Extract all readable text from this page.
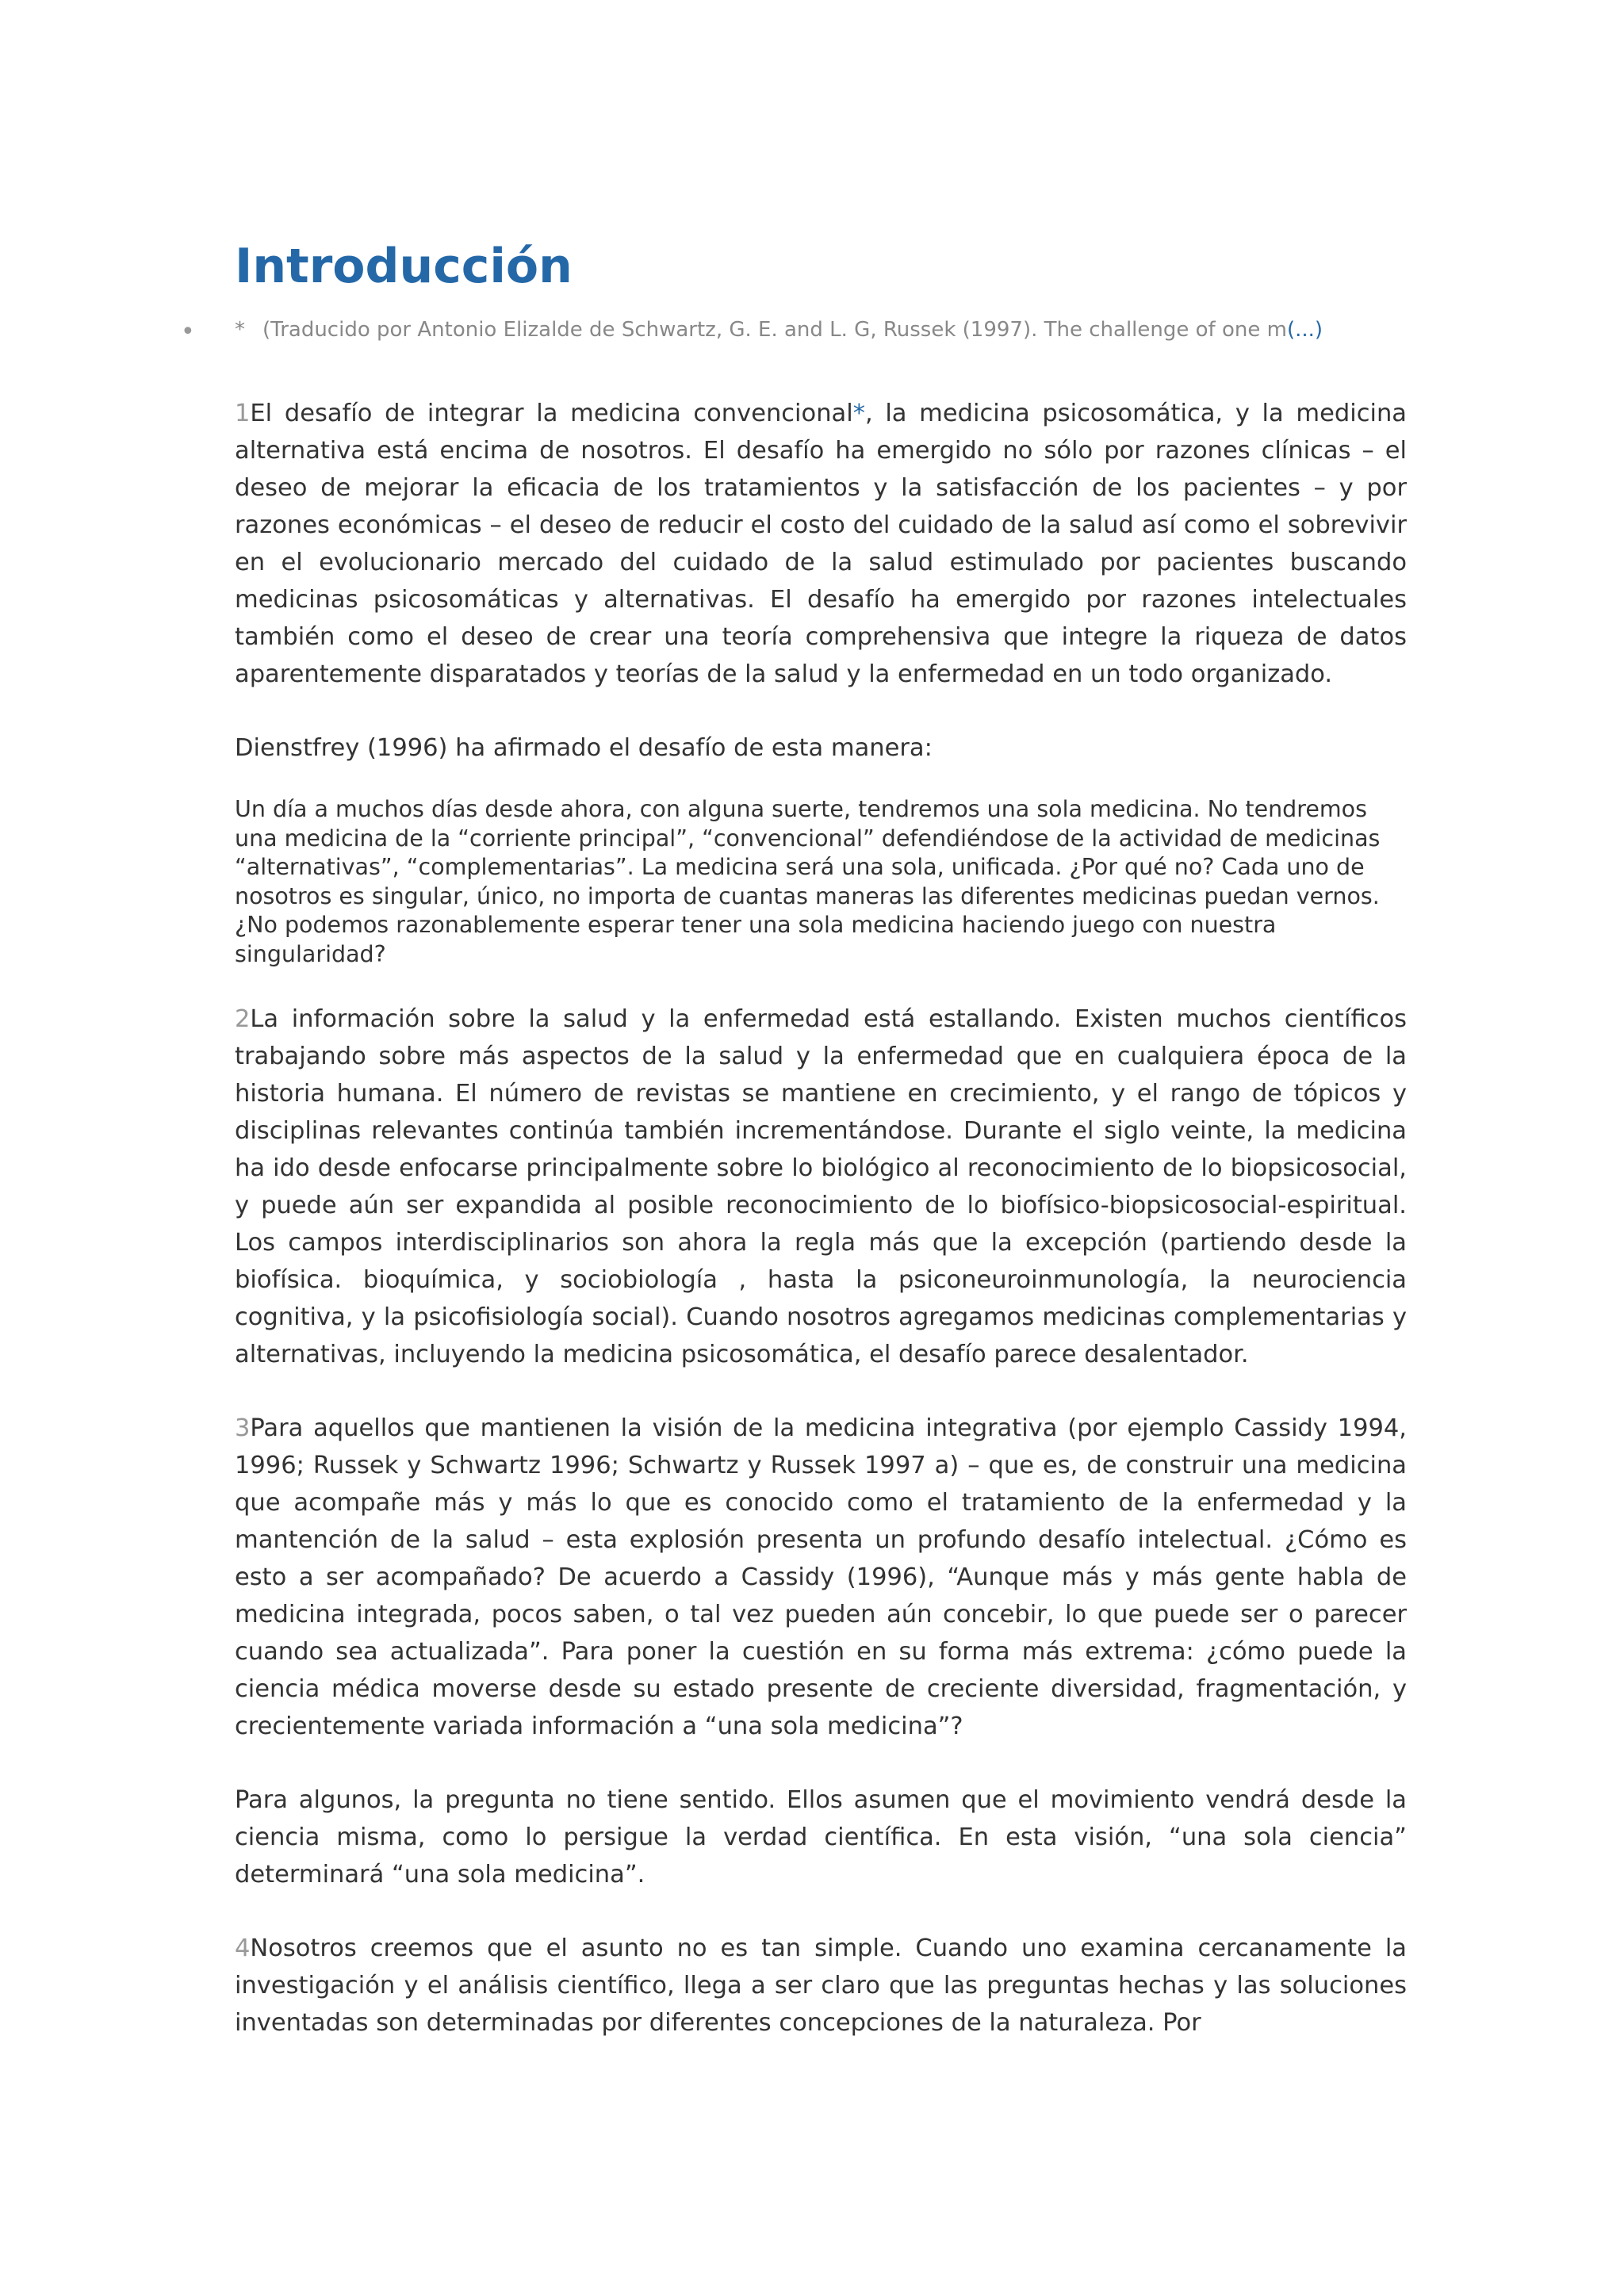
Introducción
• * (Traducido por Antonio Elizalde de Schwartz, G. E. and L. G, Russek (1997). The challenge of one m(...)

1El desafío de integrar la medicina convencional*, la medicina psicosomática, y la medicina alternativa está encima de nosotros. El desafío ha emergido no sólo por razones clínicas – el deseo de mejorar la eficacia de los tratamientos y la satisfacción de los pacientes – y por razones económicas – el deseo de reducir el costo del cuidado de la salud así como el sobrevivir en el evolucionario mercado del cuidado de la salud estimulado por pacientes buscando medicinas psicosomáticas y alternativas. El desafío ha emergido por razones intelectuales también como el deseo de crear una teoría comprehensiva que integre la riqueza de datos aparentemente disparatados y teorías de la salud y la enfermedad en un todo organizado.

Dienstfrey (1996) ha afirmado el desafío de esta manera:

Un día a muchos días desde ahora, con alguna suerte, tendremos una sola medicina. No tendremos una medicina de la “corriente principal”, “convencional” defendiéndose de la actividad de medicinas “alternativas”, “complementarias”. La medicina será una sola, unificada. ¿Por qué no? Cada uno de nosotros es singular, único, no importa de cuantas maneras las diferentes medicinas puedan vernos. ¿No podemos razonablemente esperar tener una sola medicina haciendo juego con nuestra singularidad?

2La información sobre la salud y la enfermedad está estallando. Existen muchos científicos trabajando sobre más aspectos de la salud y la enfermedad que en cualquiera época de la historia humana. El número de revistas se mantiene en crecimiento, y el rango de tópicos y disciplinas relevantes continúa también incrementándose. Durante el siglo veinte, la medicina ha ido desde enfocarse principalmente sobre lo biológico al reconocimiento de lo biopsicosocial, y puede aún ser expandida al posible reconocimiento de lo biofísico-biopsicosocial-espiritual. Los campos interdisciplinarios son ahora la regla más que la excepción (partiendo desde la biofísica. bioquímica, y sociobiología , hasta la psiconeuroinmunología, la neurociencia cognitiva, y la psicofisiología social). Cuando nosotros agregamos medicinas complementarias y alternativas, incluyendo la medicina psicosomática, el desafío parece desalentador.

3Para aquellos que mantienen la visión de la medicina integrativa (por ejemplo Cassidy 1994, 1996; Russek y Schwartz 1996; Schwartz y Russek 1997 a) – que es, de construir una medicina que acompañe más y más lo que es conocido como el tratamiento de la enfermedad y la mantención de la salud – esta explosión presenta un profundo desafío intelectual. ¿Cómo es esto a ser acompañado? De acuerdo a Cassidy (1996), “Aunque más y más gente habla de medicina integrada, pocos saben, o tal vez pueden aún concebir, lo que puede ser o parecer cuando sea actualizada”. Para poner la cuestión en su forma más extrema: ¿cómo puede la ciencia médica moverse desde su estado presente de creciente diversidad, fragmentación, y crecientemente variada información a “una sola medicina”?

Para algunos, la pregunta no tiene sentido. Ellos asumen que el movimiento vendrá desde la ciencia misma, como lo persigue la verdad científica. En esta visión, “una sola ciencia” determinará “una sola medicina”.

4Nosotros creemos que el asunto no es tan simple. Cuando uno examina cercanamente la investigación y el análisis científico, llega a ser claro que las preguntas hechas y las soluciones inventadas son determinadas por diferentes concepciones de la naturaleza. Por
